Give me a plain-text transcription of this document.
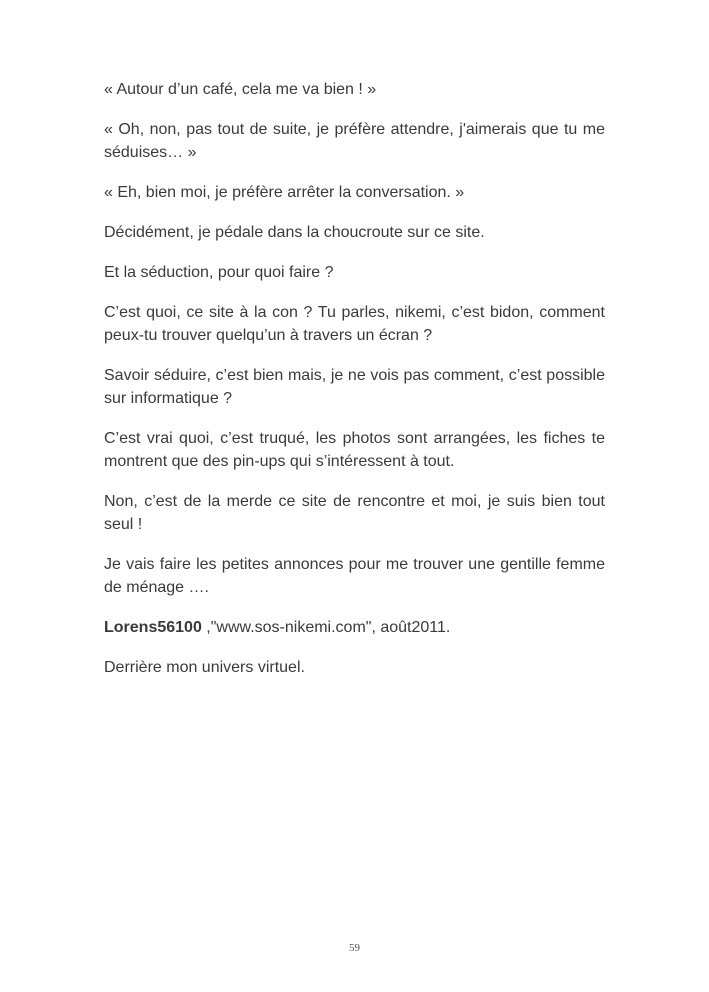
« Autour d’un café, cela me va bien ! »

« Oh, non, pas tout de suite, je préfère attendre, j'aimerais que tu me séduises… »

« Eh, bien moi, je préfère arrêter la conversation. »

Décidément, je pédale dans la choucroute sur ce site.

Et la séduction, pour quoi faire ?

C’est quoi, ce site à la con ? Tu parles, nikemi, c’est bidon, comment peux-tu trouver quelqu’un à travers un écran ?

Savoir séduire, c’est bien mais, je ne vois pas comment, c’est possible sur informatique ?

C’est vrai quoi, c’est truqué, les photos sont arrangées, les fiches te montrent que des pin-ups qui s’intéressent à tout.

Non, c’est de la merde ce site de rencontre et moi, je suis bien tout seul !

Je vais faire les petites annonces pour me trouver une gentille femme de ménage ….

Lorens56100 ,"www.sos-nikemi.com", août2011.

Derrière mon univers virtuel.

59
